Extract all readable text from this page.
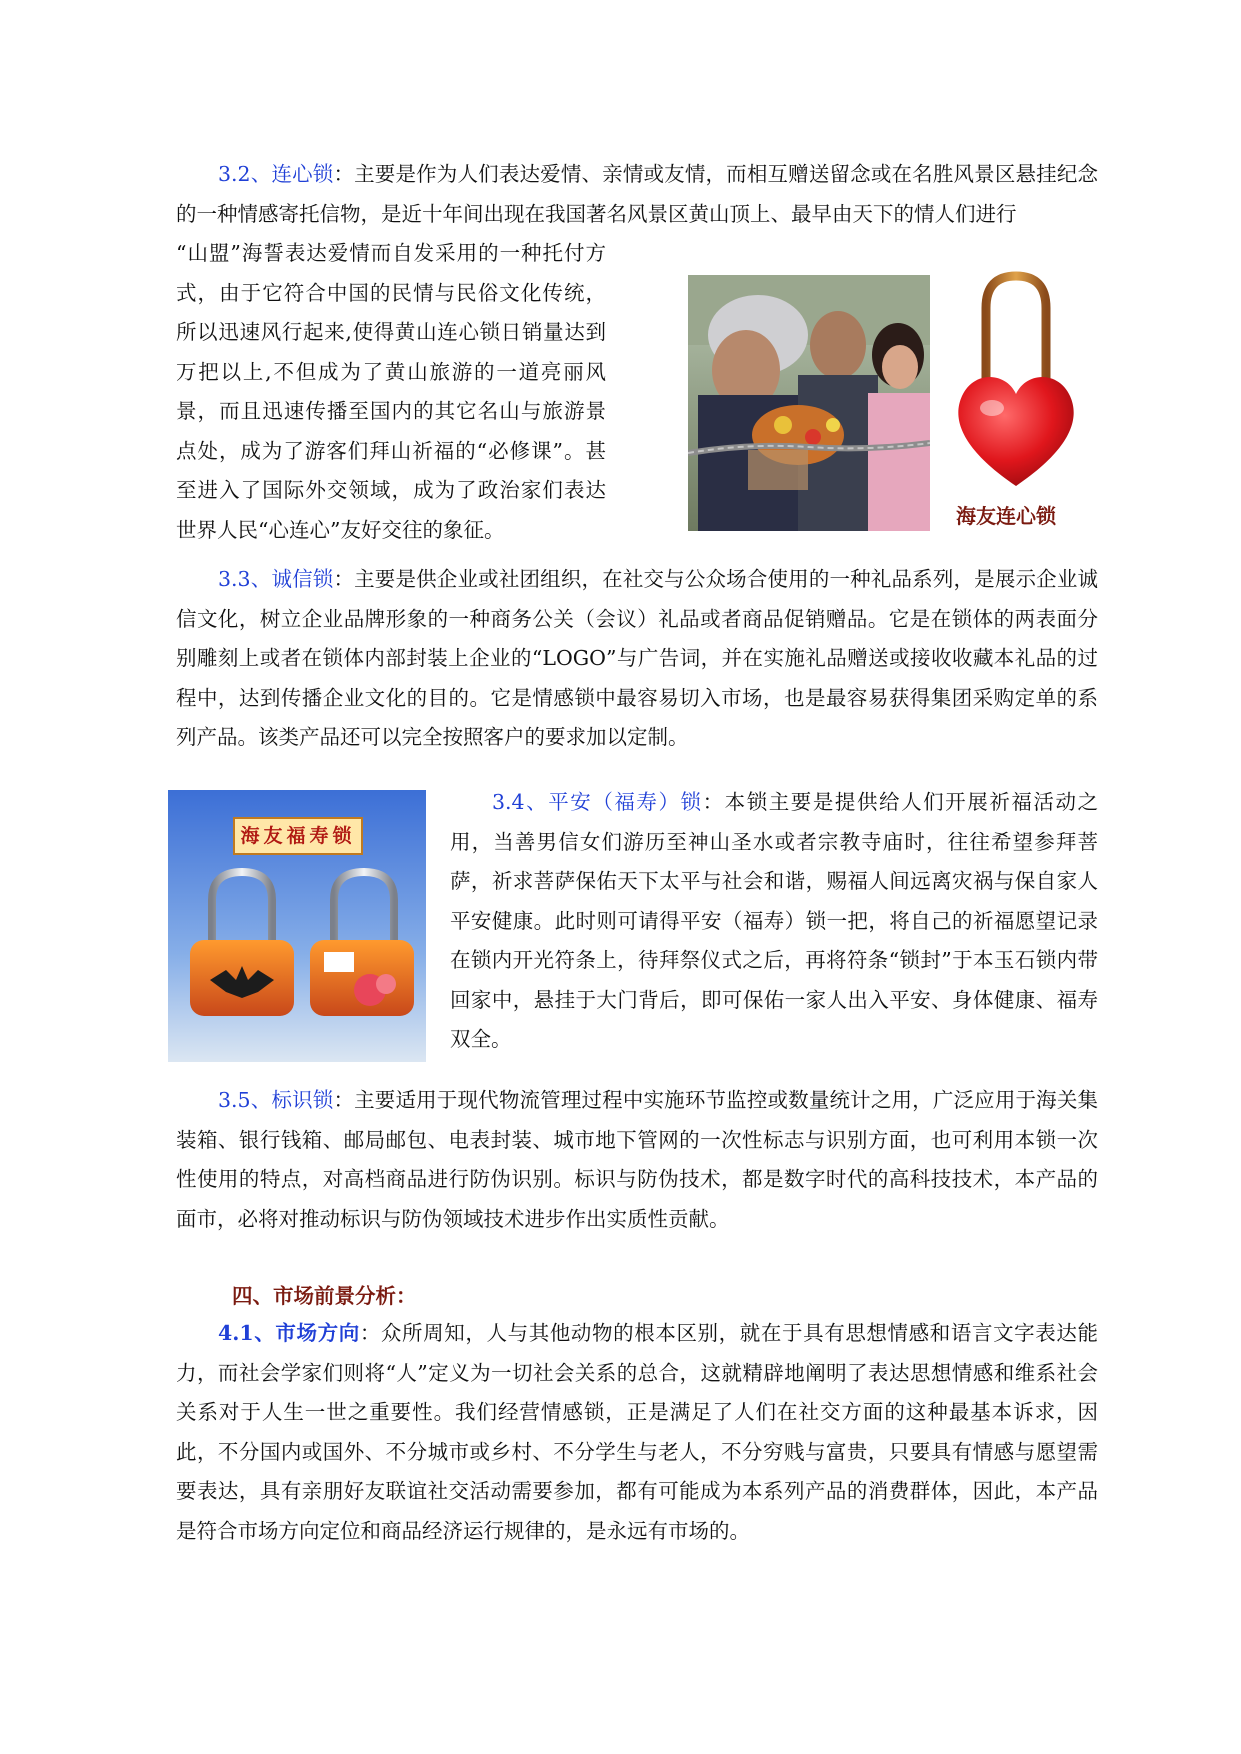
3.2、连心锁：主要是作为人们表达爱情、亲情或友情，而相互赠送留念或在名胜风景区悬挂纪念的一种情感寄托信物，是近十年间出现在我国著名风景区黄山顶上、最早由天下的情人们进行

“山盟”海誓表达爱情而自发采用的一种托付方式，由于它符合中国的民情与民俗文化传统，所以迅速风行起来,使得黄山连心锁日销量达到万把以上,不但成为了黄山旅游的一道亮丽风景，而且迅速传播至国内的其它名山与旅游景点处，成为了游客们拜山祈福的“必修课”。甚至进入了国际外交领域，成为了政治家们表达世界人民“心连心”友好交往的象征。

海友连心锁

3.3、诚信锁：主要是供企业或社团组织，在社交与公众场合使用的一种礼品系列，是展示企业诚信文化，树立企业品牌形象的一种商务公关（会议）礼品或者商品促销赠品。它是在锁体的两表面分别雕刻上或者在锁体内部封装上企业的“LOGO”与广告词，并在实施礼品赠送或接收收藏本礼品的过程中，达到传播企业文化的目的。它是情感锁中最容易切入市场，也是最容易获得集团采购定单的系列产品。该类产品还可以完全按照客户的要求加以定制。

海友福寿锁

3.4、平安（福寿）锁：本锁主要是提供给人们开展祈福活动之用，当善男信女们游历至神山圣水或者宗教寺庙时，往往希望参拜菩萨，祈求菩萨保佑天下太平与社会和谐，赐福人间远离灾祸与保自家人平安健康。此时则可请得平安（福寿）锁一把，将自己的祈福愿望记录在锁内开光符条上，待拜祭仪式之后，再将符条“锁封”于本玉石锁内带回家中，悬挂于大门背后，即可保佑一家人出入平安、身体健康、福寿双全。

3.5、标识锁：主要适用于现代物流管理过程中实施环节监控或数量统计之用，广泛应用于海关集装箱、银行钱箱、邮局邮包、电表封装、城市地下管网的一次性标志与识别方面，也可利用本锁一次性使用的特点，对高档商品进行防伪识别。标识与防伪技术，都是数字时代的高科技技术，本产品的面市，必将对推动标识与防伪领域技术进步作出实质性贡献。

四、市场前景分析：

4.1、市场方向：众所周知，人与其他动物的根本区别，就在于具有思想情感和语言文字表达能力，而社会学家们则将“人”定义为一切社会关系的总合，这就精辟地阐明了表达思想情感和维系社会关系对于人生一世之重要性。我们经营情感锁，正是满足了人们在社交方面的这种最基本诉求，因此，不分国内或国外、不分城市或乡村、不分学生与老人，不分穷贱与富贵，只要具有情感与愿望需要表达，具有亲朋好友联谊社交活动需要参加，都有可能成为本系列产品的消费群体，因此，本产品是符合市场方向定位和商品经济运行规律的，是永远有市场的。
